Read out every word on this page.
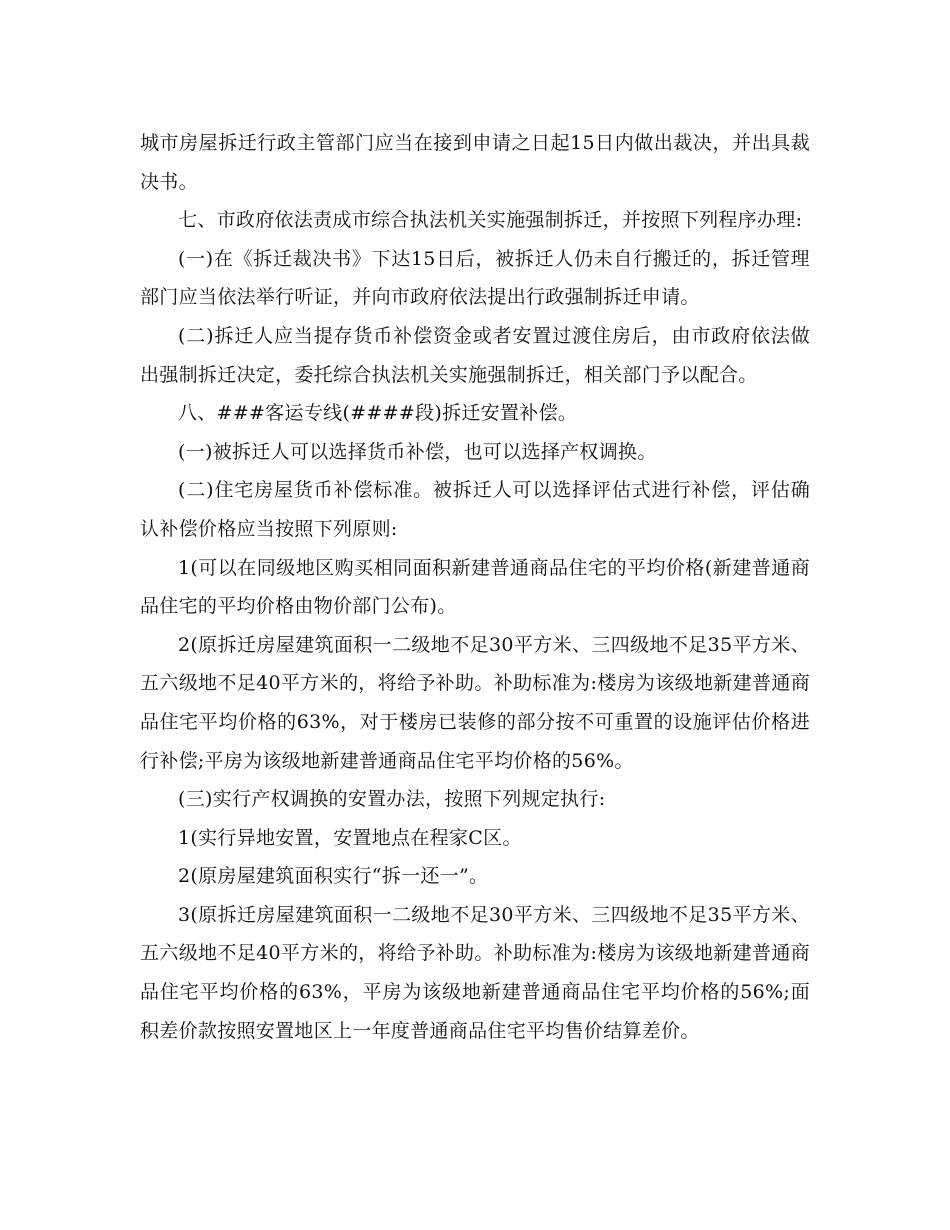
城市房屋拆迁行政主管部门应当在接到申请之日起15日内做出裁决，并出具裁决书。

七、市政府依法责成市综合执法机关实施强制拆迁，并按照下列程序办理:

(一)在《拆迁裁决书》下达15日后，被拆迁人仍未自行搬迁的，拆迁管理部门应当依法举行听证，并向市政府依法提出行政强制拆迁申请。

(二)拆迁人应当提存货币补偿资金或者安置过渡住房后，由市政府依法做出强制拆迁决定，委托综合执法机关实施强制拆迁，相关部门予以配合。

八、###客运专线(####段)拆迁安置补偿。

(一)被拆迁人可以选择货币补偿，也可以选择产权调换。

(二)住宅房屋货币补偿标准。被拆迁人可以选择评估式进行补偿，评估确认补偿价格应当按照下列原则:

1(可以在同级地区购买相同面积新建普通商品住宅的平均价格(新建普通商品住宅的平均价格由物价部门公布)。

2(原拆迁房屋建筑面积一二级地不足30平方米、三四级地不足35平方米、五六级地不足40平方米的，将给予补助。补助标准为:楼房为该级地新建普通商品住宅平均价格的63%，对于楼房已装修的部分按不可重置的设施评估价格进行补偿;平房为该级地新建普通商品住宅平均价格的56%。

(三)实行产权调换的安置办法，按照下列规定执行:

1(实行异地安置，安置地点在程家C区。

2(原房屋建筑面积实行“拆一还一”。

3(原拆迁房屋建筑面积一二级地不足30平方米、三四级地不足35平方米、五六级地不足40平方米的，将给予补助。补助标准为:楼房为该级地新建普通商品住宅平均价格的63%，平房为该级地新建普通商品住宅平均价格的56%;面积差价款按照安置地区上一年度普通商品住宅平均售价结算差价。
